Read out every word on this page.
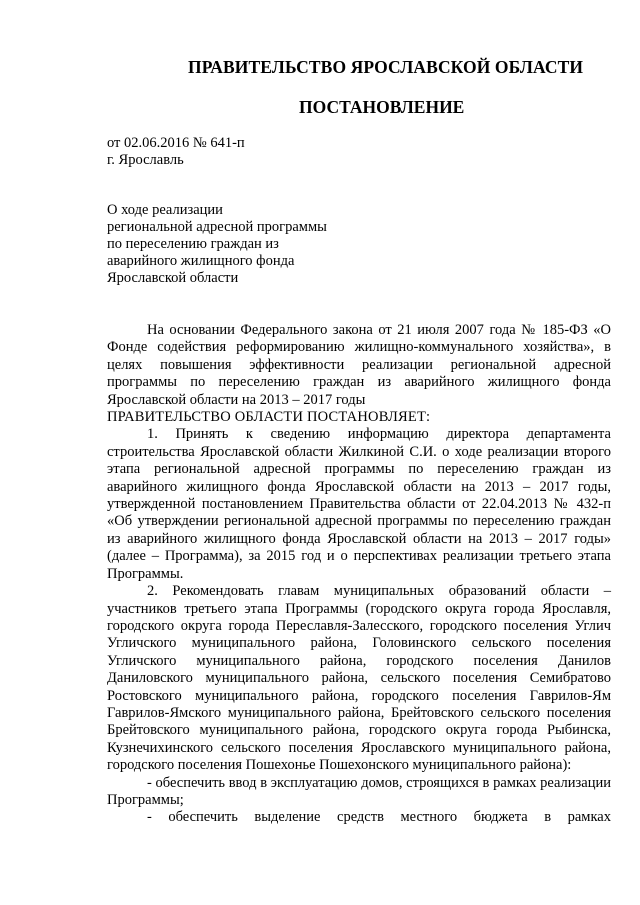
ПРАВИТЕЛЬСТВО ЯРОСЛАВСКОЙ ОБЛАСТИ
ПОСТАНОВЛЕНИЕ
от 02.06.2016 № 641-п
г. Ярославль
О ходе реализации
региональной адресной программы
по переселению граждан из
аварийного жилищного фонда
Ярославской области

На основании Федерального закона от 21 июля 2007 года № 185-ФЗ «О Фонде содействия реформированию жилищно-коммунального хозяйства», в целях повышения эффективности реализации региональной адресной программы по переселению граждан из аварийного жилищного фонда Ярославской области на 2013 – 2017 годы

ПРАВИТЕЛЬСТВО ОБЛАСТИ ПОСТАНОВЛЯЕТ:

1. Принять к сведению информацию директора департамента строительства Ярославской области Жилкиной С.И. о ходе реализации второго этапа региональной адресной программы по переселению граждан из аварийного жилищного фонда Ярославской области на 2013 – 2017 годы, утвержденной постановлением Правительства области от 22.04.2013 № 432-п «Об утверждении региональной адресной программы по переселению граждан из аварийного жилищного фонда Ярославской области на 2013 – 2017 годы» (далее – Программа), за 2015 год и о перспективах реализации третьего этапа Программы.

2. Рекомендовать главам муниципальных образований области – участников третьего этапа Программы (городского округа города Ярославля, городского округа города Переславля-Залесского, городского поселения Углич Угличского муниципального района, Головинского сельского поселения Угличского муниципального района, городского поселения Данилов Даниловского муниципального района, сельского поселения Семибратово Ростовского муниципального района, городского поселения Гаврилов-Ям Гаврилов-Ямского муниципального района, Брейтовского сельского поселения Брейтовского муниципального района, городского округа города Рыбинска, Кузнечихинского сельского поселения Ярославского муниципального района, городского поселения Пошехонье Пошехонского муниципального района):

- обеспечить ввод в эксплуатацию домов, строящихся в рамках реализации Программы;

- обеспечить выделение средств местного бюджета в рамках
